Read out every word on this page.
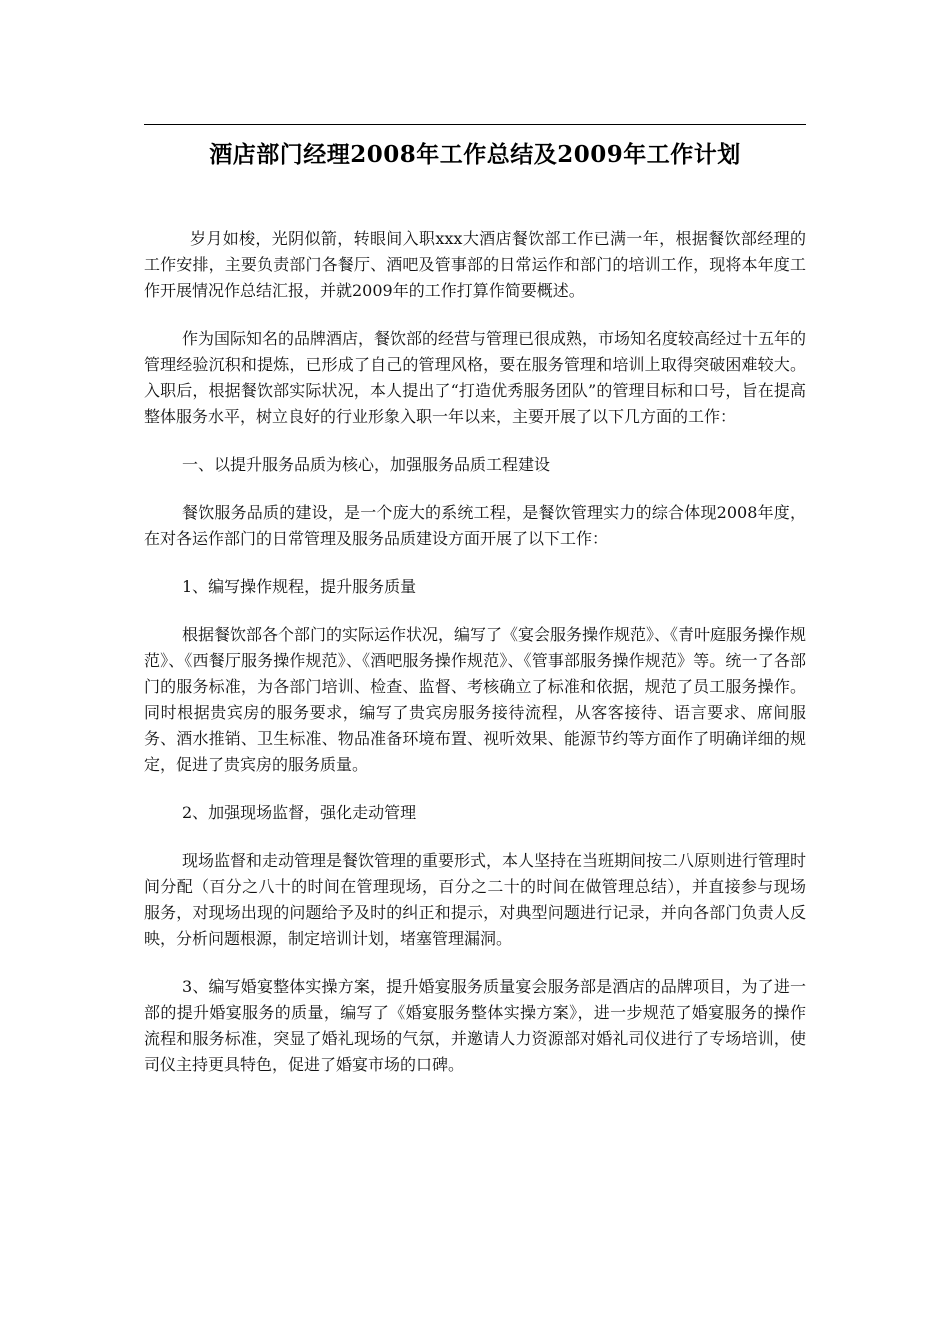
酒店部门经理2008年工作总结及2009年工作计划

岁月如梭，光阴似箭，转眼间入职xxx大酒店餐饮部工作已满一年，根据餐饮部经理的工作安排，主要负责部门各餐厅、酒吧及管事部的日常运作和部门的培训工作，现将本年度工作开展情况作总结汇报，并就2009年的工作打算作简要概述。

作为国际知名的品牌酒店，餐饮部的经营与管理已很成熟，市场知名度较高经过十五年的管理经验沉积和提炼，已形成了自己的管理风格，要在服务管理和培训上取得突破困难较大。入职后，根据餐饮部实际状况，本人提出了“打造优秀服务团队”的管理目标和口号，旨在提高整体服务水平，树立良好的行业形象入职一年以来，主要开展了以下几方面的工作：

一、以提升服务品质为核心，加强服务品质工程建设

餐饮服务品质的建设，是一个庞大的系统工程，是餐饮管理实力的综合体现2008年度，在对各运作部门的日常管理及服务品质建设方面开展了以下工作：

1、编写操作规程，提升服务质量

根据餐饮部各个部门的实际运作状况，编写了《宴会服务操作规范》、《青叶庭服务操作规范》、《西餐厅服务操作规范》、《酒吧服务操作规范》、《管事部服务操作规范》等。统一了各部门的服务标准，为各部门培训、检查、监督、考核确立了标准和依据，规范了员工服务操作。同时根据贵宾房的服务要求，编写了贵宾房服务接待流程，从客客接待、语言要求、席间服务、酒水推销、卫生标准、物品准备环境布置、视听效果、能源节约等方面作了明确详细的规定，促进了贵宾房的服务质量。

2、加强现场监督，强化走动管理

现场监督和走动管理是餐饮管理的重要形式，本人坚持在当班期间按二八原则进行管理时间分配（百分之八十的时间在管理现场，百分之二十的时间在做管理总结），并直接参与现场服务，对现场出现的问题给予及时的纠正和提示，对典型问题进行记录，并向各部门负责人反映，分析问题根源，制定培训计划，堵塞管理漏洞。

3、编写婚宴整体实操方案，提升婚宴服务质量宴会服务部是酒店的品牌项目，为了进一部的提升婚宴服务的质量，编写了《婚宴服务整体实操方案》，进一步规范了婚宴服务的操作流程和服务标准，突显了婚礼现场的气氛，并邀请人力资源部对婚礼司仪进行了专场培训，使司仪主持更具特色，促进了婚宴市场的口碑。
